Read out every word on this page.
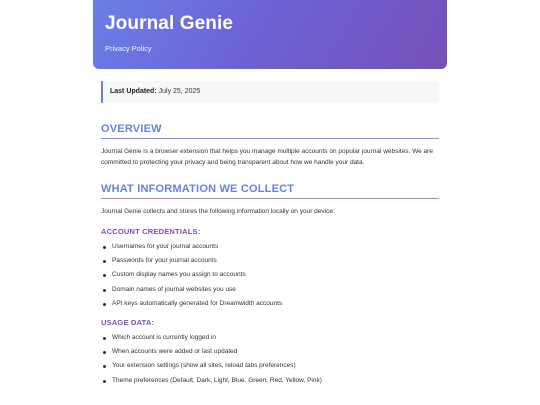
Journal Genie
Privacy Policy
Last Updated: July 25, 2025
OVERVIEW

Journal Genie is a browser extension that helps you manage multiple accounts on popular journal websites. We are committed to protecting your privacy and being transparent about how we handle your data.

WHAT INFORMATION WE COLLECT

Journal Genie collects and stores the following information locally on your device:

ACCOUNT CREDENTIALS:
Usernames for your journal accounts
Passwords for your journal accounts
Custom display names you assign to accounts
Domain names of journal websites you use
API keys automatically generated for Dreamwidth accounts
USAGE DATA:
Which account is currently logged in
When accounts were added or last updated
Your extension settings (show all sites, reload tabs preferences)
Theme preferences (Default, Dark, Light, Blue, Green, Red, Yellow, Pink)
